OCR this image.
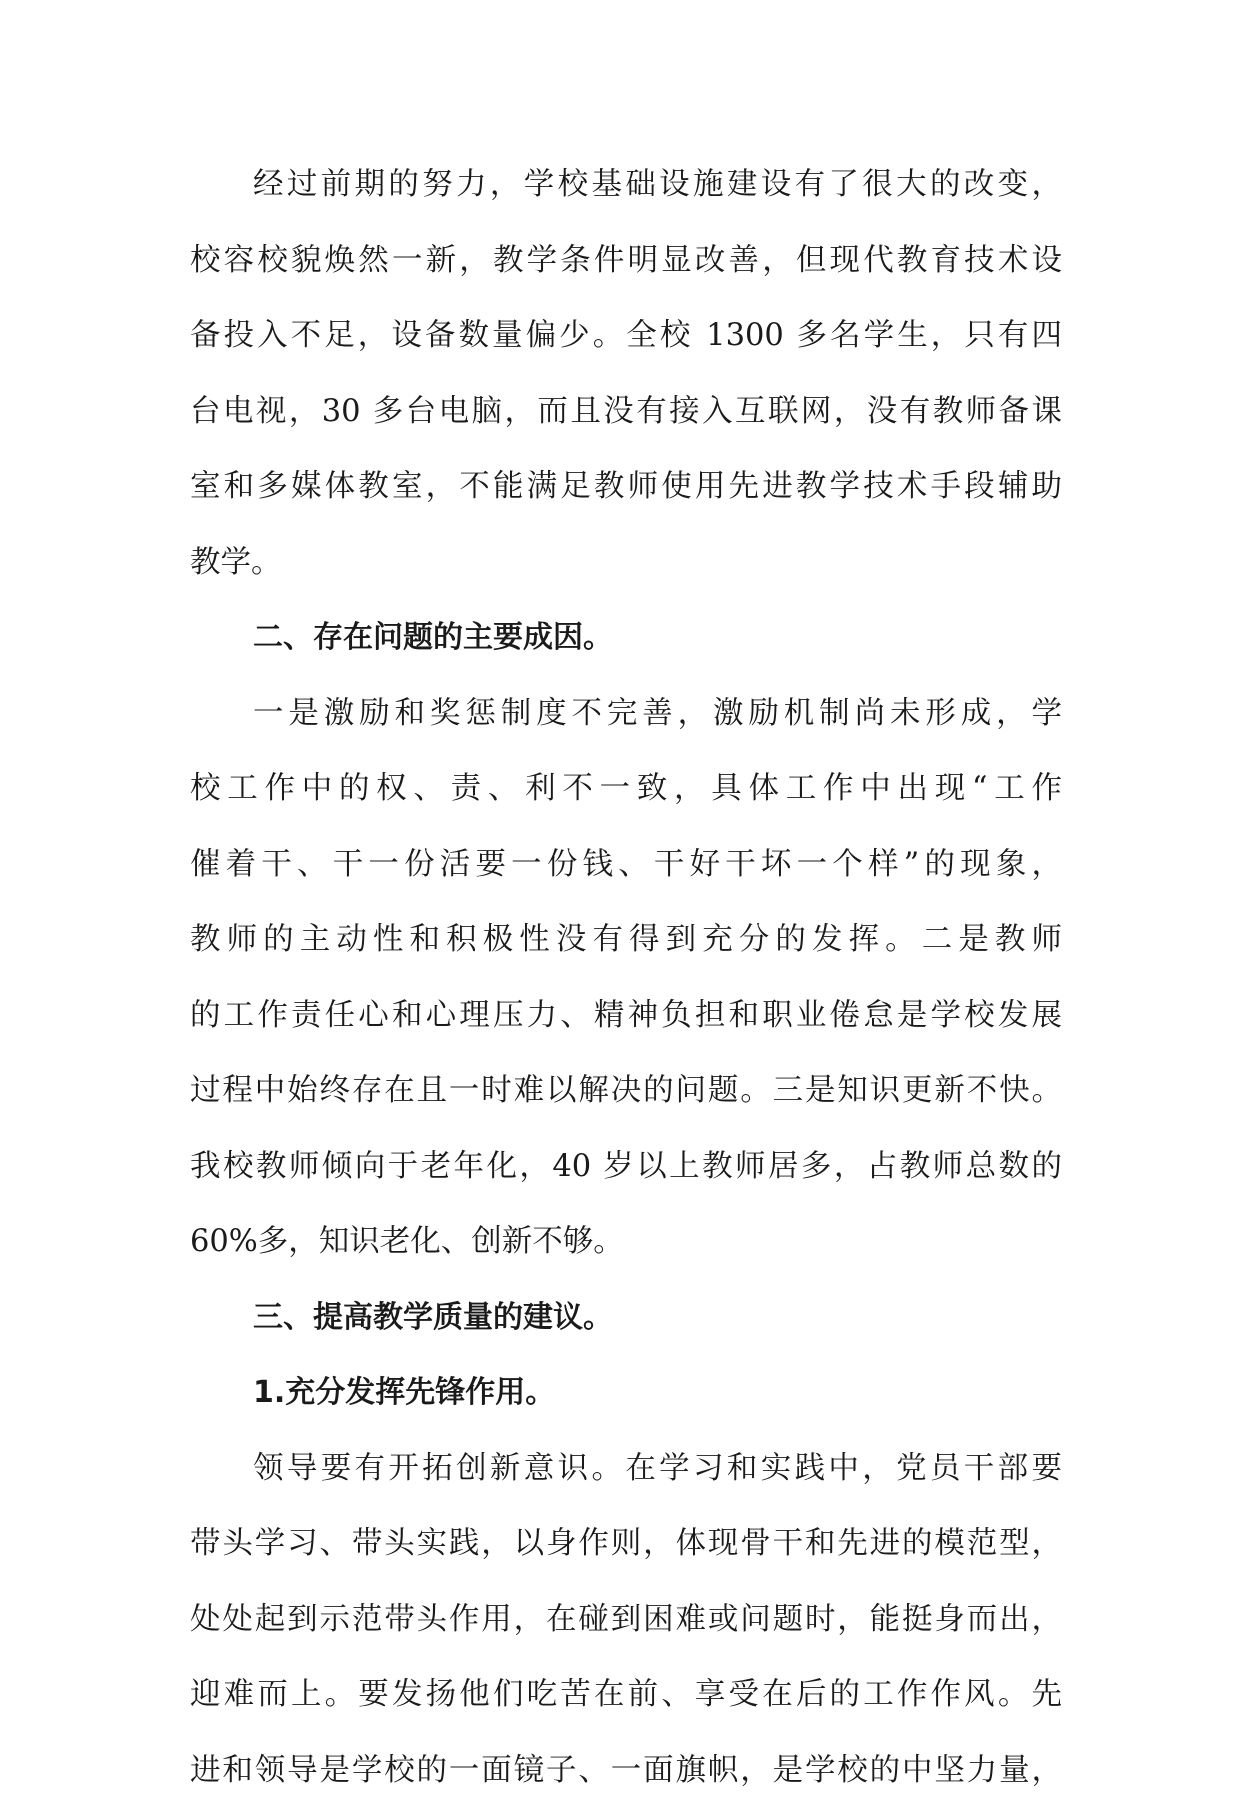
经过前期的努力，学校基础设施建设有了很大的改变，
校容校貌焕然一新，教学条件明显改善，但现代教育技术设
备投入不足，设备数量偏少。全校 1300 多名学生，只有四
台电视，30 多台电脑，而且没有接入互联网，没有教师备课
室和多媒体教室，不能满足教师使用先进教学技术手段辅助
教学。
二、存在问题的主要成因。
一是激励和奖惩制度不完善，激励机制尚未形成，学
校工作中的权、责、利不一致，具体工作中出现“工作
催着干、干一份活要一份钱、干好干坏一个样”的现象，
教师的主动性和积极性没有得到充分的发挥。二是教师
的工作责任心和心理压力、精神负担和职业倦怠是学校发展
过程中始终存在且一时难以解决的问题。三是知识更新不快。
我校教师倾向于老年化，40 岁以上教师居多，占教师总数的
60%多，知识老化、创新不够。
三、提高教学质量的建议。
1.充分发挥先锋作用。
领导要有开拓创新意识。在学习和实践中，党员干部要
带头学习、带头实践，以身作则，体现骨干和先进的模范型，
处处起到示范带头作用，在碰到困难或问题时，能挺身而出，
迎难而上。要发扬他们吃苦在前、享受在后的工作作风。先
进和领导是学校的一面镜子、一面旗帜，是学校的中坚力量，
